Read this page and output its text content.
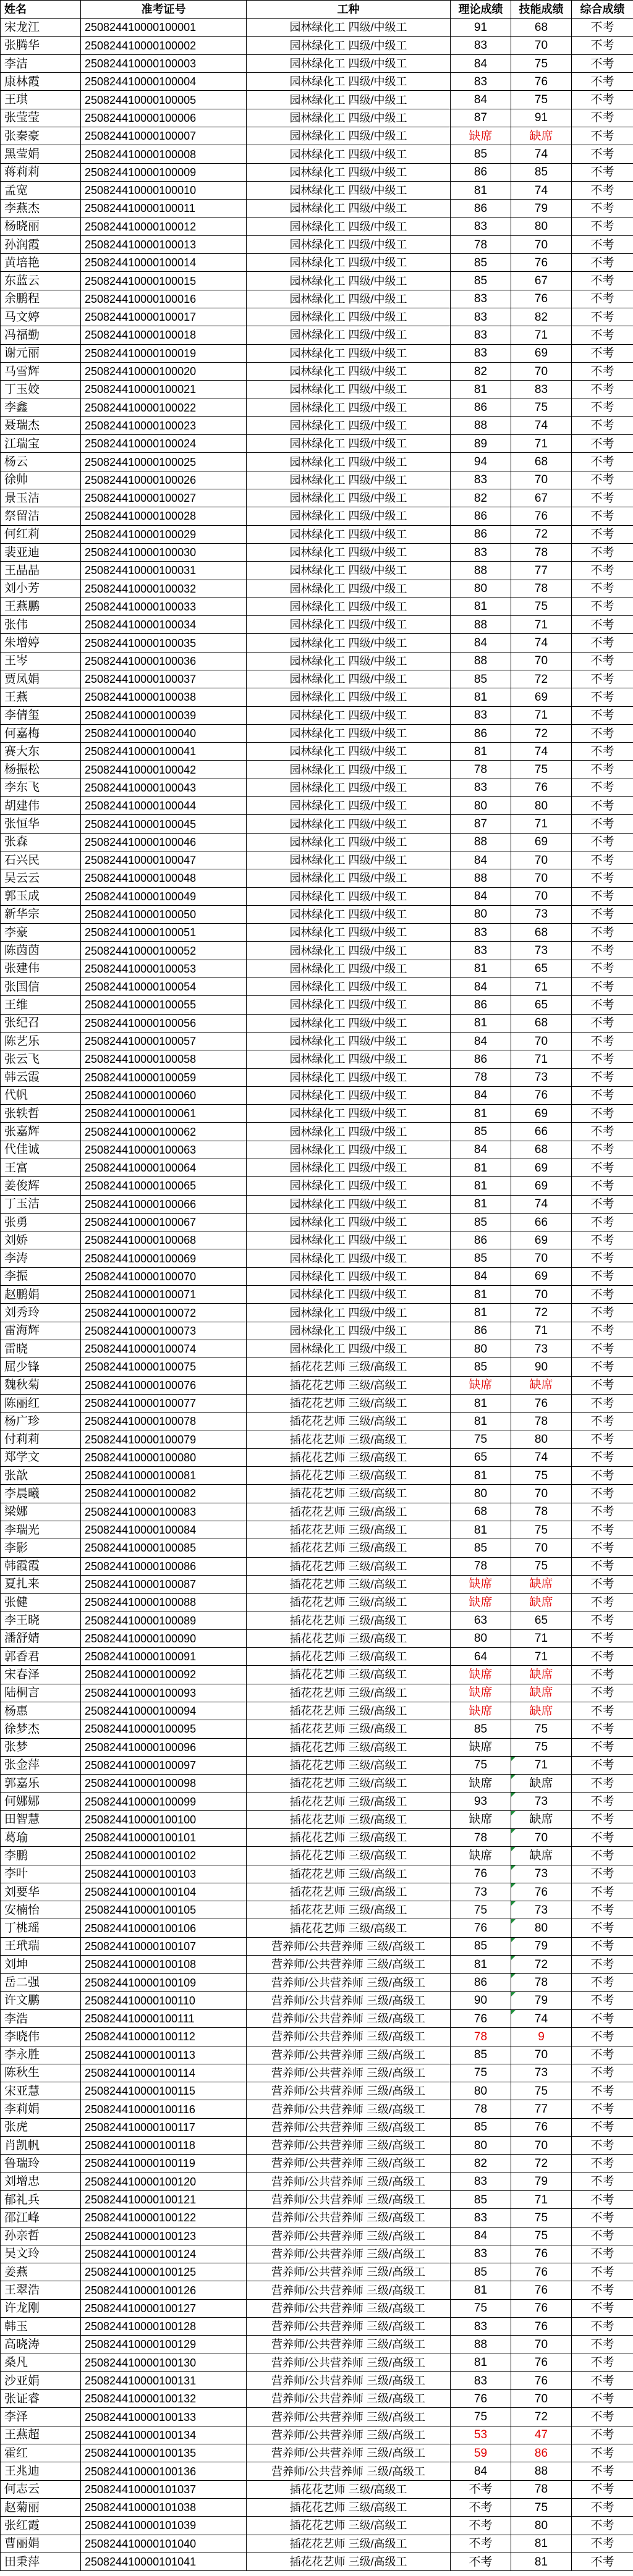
姓名	准考证号	工种	理论成绩	技能成绩	综合成绩
宋龙江	250824410000100001	园林绿化工 四级/中级工	91	68	不考
张腾华	250824410000100002	园林绿化工 四级/中级工	83	70	不考
李洁	250824410000100003	园林绿化工 四级/中级工	84	75	不考
康林霞	250824410000100004	园林绿化工 四级/中级工	83	76	不考
王琪	250824410000100005	园林绿化工 四级/中级工	84	75	不考
张莹莹	250824410000100006	园林绿化工 四级/中级工	87	91	不考
张秦豪	250824410000100007	园林绿化工 四级/中级工	缺席	缺席	不考
黑莹娟	250824410000100008	园林绿化工 四级/中级工	85	74	不考
蒋莉莉	250824410000100009	园林绿化工 四级/中级工	86	85	不考
孟宽	250824410000100010	园林绿化工 四级/中级工	81	74	不考
李燕杰	250824410000100011	园林绿化工 四级/中级工	86	79	不考
杨晓丽	250824410000100012	园林绿化工 四级/中级工	83	80	不考
孙润霞	250824410000100013	园林绿化工 四级/中级工	78	70	不考
黄培艳	250824410000100014	园林绿化工 四级/中级工	85	76	不考
东蓝云	250824410000100015	园林绿化工 四级/中级工	85	67	不考
余鹏程	250824410000100016	园林绿化工 四级/中级工	83	76	不考
马文婷	250824410000100017	园林绿化工 四级/中级工	83	82	不考
冯福勤	250824410000100018	园林绿化工 四级/中级工	83	71	不考
谢元丽	250824410000100019	园林绿化工 四级/中级工	83	69	不考
马雪辉	250824410000100020	园林绿化工 四级/中级工	82	70	不考
丁玉姣	250824410000100021	园林绿化工 四级/中级工	81	83	不考
李鑫	250824410000100022	园林绿化工 四级/中级工	86	75	不考
聂瑞杰	250824410000100023	园林绿化工 四级/中级工	88	74	不考
江瑞宝	250824410000100024	园林绿化工 四级/中级工	89	71	不考
杨云	250824410000100025	园林绿化工 四级/中级工	94	68	不考
徐帅	250824410000100026	园林绿化工 四级/中级工	83	70	不考
景玉洁	250824410000100027	园林绿化工 四级/中级工	82	67	不考
祭留洁	250824410000100028	园林绿化工 四级/中级工	86	76	不考
何红莉	250824410000100029	园林绿化工 四级/中级工	86	72	不考
裴亚迪	250824410000100030	园林绿化工 四级/中级工	83	78	不考
王晶晶	250824410000100031	园林绿化工 四级/中级工	88	77	不考
刘小芳	250824410000100032	园林绿化工 四级/中级工	80	78	不考
王燕鹏	250824410000100033	园林绿化工 四级/中级工	81	75	不考
张伟	250824410000100034	园林绿化工 四级/中级工	88	71	不考
朱增婷	250824410000100035	园林绿化工 四级/中级工	84	74	不考
王岑	250824410000100036	园林绿化工 四级/中级工	88	70	不考
贾凤娟	250824410000100037	园林绿化工 四级/中级工	85	72	不考
王燕	250824410000100038	园林绿化工 四级/中级工	81	69	不考
李倩玺	250824410000100039	园林绿化工 四级/中级工	83	71	不考
何嘉梅	250824410000100040	园林绿化工 四级/中级工	86	72	不考
赛大东	250824410000100041	园林绿化工 四级/中级工	81	74	不考
杨振松	250824410000100042	园林绿化工 四级/中级工	78	75	不考
李东飞	250824410000100043	园林绿化工 四级/中级工	83	76	不考
胡建伟	250824410000100044	园林绿化工 四级/中级工	80	80	不考
张恒华	250824410000100045	园林绿化工 四级/中级工	87	71	不考
张森	250824410000100046	园林绿化工 四级/中级工	88	69	不考
石兴民	250824410000100047	园林绿化工 四级/中级工	84	70	不考
吴云云	250824410000100048	园林绿化工 四级/中级工	88	70	不考
郭玉成	250824410000100049	园林绿化工 四级/中级工	84	70	不考
新华宗	250824410000100050	园林绿化工 四级/中级工	80	73	不考
李豪	250824410000100051	园林绿化工 四级/中级工	83	68	不考
陈茵茵	250824410000100052	园林绿化工 四级/中级工	83	73	不考
张建伟	250824410000100053	园林绿化工 四级/中级工	81	65	不考
张国信	250824410000100054	园林绿化工 四级/中级工	84	71	不考
王维	250824410000100055	园林绿化工 四级/中级工	86	65	不考
张纪召	250824410000100056	园林绿化工 四级/中级工	81	68	不考
陈艺乐	250824410000100057	园林绿化工 四级/中级工	84	70	不考
张云飞	250824410000100058	园林绿化工 四级/中级工	86	71	不考
韩云霞	250824410000100059	园林绿化工 四级/中级工	78	73	不考
代帆	250824410000100060	园林绿化工 四级/中级工	84	76	不考
张轶哲	250824410000100061	园林绿化工 四级/中级工	81	69	不考
张嘉辉	250824410000100062	园林绿化工 四级/中级工	85	66	不考
代佳诚	250824410000100063	园林绿化工 四级/中级工	84	68	不考
王富	250824410000100064	园林绿化工 四级/中级工	81	69	不考
姜俊辉	250824410000100065	园林绿化工 四级/中级工	81	69	不考
丁玉洁	250824410000100066	园林绿化工 四级/中级工	81	74	不考
张勇	250824410000100067	园林绿化工 四级/中级工	85	66	不考
刘娇	250824410000100068	园林绿化工 四级/中级工	86	69	不考
李涛	250824410000100069	园林绿化工 四级/中级工	85	70	不考
李振	250824410000100070	园林绿化工 四级/中级工	84	69	不考
赵鹏娟	250824410000100071	园林绿化工 四级/中级工	81	70	不考
刘秀玲	250824410000100072	园林绿化工 四级/中级工	81	72	不考
雷海辉	250824410000100073	园林绿化工 四级/中级工	86	71	不考
雷晓	250824410000100074	园林绿化工 四级/中级工	80	73	不考
屈少锋	250824410000100075	插花花艺师 三级/高级工	85	90	不考
魏秋菊	250824410000100076	插花花艺师 三级/高级工	缺席	缺席	不考
陈丽红	250824410000100077	插花花艺师 三级/高级工	81	76	不考
杨广珍	250824410000100078	插花花艺师 三级/高级工	81	78	不考
付莉莉	250824410000100079	插花花艺师 三级/高级工	75	80	不考
郑学文	250824410000100080	插花花艺师 三级/高级工	65	74	不考
张歆	250824410000100081	插花花艺师 三级/高级工	81	75	不考
李晨曦	250824410000100082	插花花艺师 三级/高级工	80	70	不考
梁娜	250824410000100083	插花花艺师 三级/高级工	68	78	不考
李瑞光	250824410000100084	插花花艺师 三级/高级工	81	75	不考
李影	250824410000100085	插花花艺师 三级/高级工	85	70	不考
韩霞霞	250824410000100086	插花花艺师 三级/高级工	78	75	不考
夏扎来	250824410000100087	插花花艺师 三级/高级工	缺席	缺席	不考
张健	250824410000100088	插花花艺师 三级/高级工	缺席	缺席	不考
李王晓	250824410000100089	插花花艺师 三级/高级工	63	65	不考
潘舒婧	250824410000100090	插花花艺师 三级/高级工	80	71	不考
郭香君	250824410000100091	插花花艺师 三级/高级工	64	71	不考
宋春泽	250824410000100092	插花花艺师 三级/高级工	缺席	缺席	不考
陆桐言	250824410000100093	插花花艺师 三级/高级工	缺席	缺席	不考
杨惠	250824410000100094	插花花艺师 三级/高级工	缺席	缺席	不考
徐梦杰	250824410000100095	插花花艺师 三级/高级工	85	75	不考
张梦	250824410000100096	插花花艺师 三级/高级工	缺席	75	不考
张金萍	250824410000100097	插花花艺师 三级/高级工	75	71	不考
郭嘉乐	250824410000100098	插花花艺师 三级/高级工	缺席	缺席	不考
何娜娜	250824410000100099	插花花艺师 三级/高级工	93	73	不考
田智慧	250824410000100100	插花花艺师 三级/高级工	缺席	缺席	不考
葛瑜	250824410000100101	插花花艺师 三级/高级工	78	70	不考
李鹏	250824410000100102	插花花艺师 三级/高级工	缺席	缺席	不考
李叶	250824410000100103	插花花艺师 三级/高级工	76	73	不考
刘要华	250824410000100104	插花花艺师 三级/高级工	73	76	不考
安楠怡	250824410000100105	插花花艺师 三级/高级工	75	73	不考
丁桃瑶	250824410000100106	插花花艺师 三级/高级工	76	80	不考
王玳瑞	250824410000100107	营养师/公共营养师 三级/高级工	85	79	不考
刘坤	250824410000100108	营养师/公共营养师 三级/高级工	81	72	不考
岳二强	250824410000100109	营养师/公共营养师 三级/高级工	86	78	不考
许文鹏	250824410000100110	营养师/公共营养师 三级/高级工	90	79	不考
李浩	250824410000100111	营养师/公共营养师 三级/高级工	76	74	不考
李晓伟	250824410000100112	营养师/公共营养师 三级/高级工	78	9	不考
李永胜	250824410000100113	营养师/公共营养师 三级/高级工	85	70	不考
陈秋生	250824410000100114	营养师/公共营养师 三级/高级工	75	73	不考
宋亚慧	250824410000100115	营养师/公共营养师 三级/高级工	80	75	不考
李莉娟	250824410000100116	营养师/公共营养师 三级/高级工	78	77	不考
张虎	250824410000100117	营养师/公共营养师 三级/高级工	85	76	不考
肖凯帆	250824410000100118	营养师/公共营养师 三级/高级工	80	70	不考
鲁瑞玲	250824410000100119	营养师/公共营养师 三级/高级工	82	72	不考
刘增忠	250824410000100120	营养师/公共营养师 三级/高级工	83	79	不考
郁礼兵	250824410000100121	营养师/公共营养师 三级/高级工	85	71	不考
邵江峰	250824410000100122	营养师/公共营养师 三级/高级工	83	75	不考
孙亲哲	250824410000100123	营养师/公共营养师 三级/高级工	84	75	不考
吴文玲	250824410000100124	营养师/公共营养师 三级/高级工	83	76	不考
姜燕	250824410000100125	营养师/公共营养师 三级/高级工	85	76	不考
王翠浩	250824410000100126	营养师/公共营养师 三级/高级工	81	76	不考
许龙刚	250824410000100127	营养师/公共营养师 三级/高级工	75	76	不考
韩玉	250824410000100128	营养师/公共营养师 三级/高级工	83	76	不考
高晓涛	250824410000100129	营养师/公共营养师 三级/高级工	88	70	不考
桑凡	250824410000100130	营养师/公共营养师 三级/高级工	81	76	不考
沙亚娟	250824410000100131	营养师/公共营养师 三级/高级工	83	76	不考
张证睿	250824410000100132	营养师/公共营养师 三级/高级工	76	70	不考
李泽	250824410000100133	营养师/公共营养师 三级/高级工	75	72	不考
王燕超	250824410000100134	营养师/公共营养师 三级/高级工	53	47	不考
霍红	250824410000100135	营养师/公共营养师 三级/高级工	59	86	不考
王兆迪	250824410000100136	营养师/公共营养师 三级/高级工	84	88	不考
何志云	250824410000101037	插花花艺师 三级/高级工	不考	78	不考
赵菊丽	250824410000101038	插花花艺师 三级/高级工	不考	75	不考
张红霞	250824410000101039	插花花艺师 三级/高级工	不考	80	不考
曹丽娟	250824410000101040	插花花艺师 三级/高级工	不考	81	不考
田秉萍	250824410000101041	插花花艺师 三级/高级工	不考	81	不考
